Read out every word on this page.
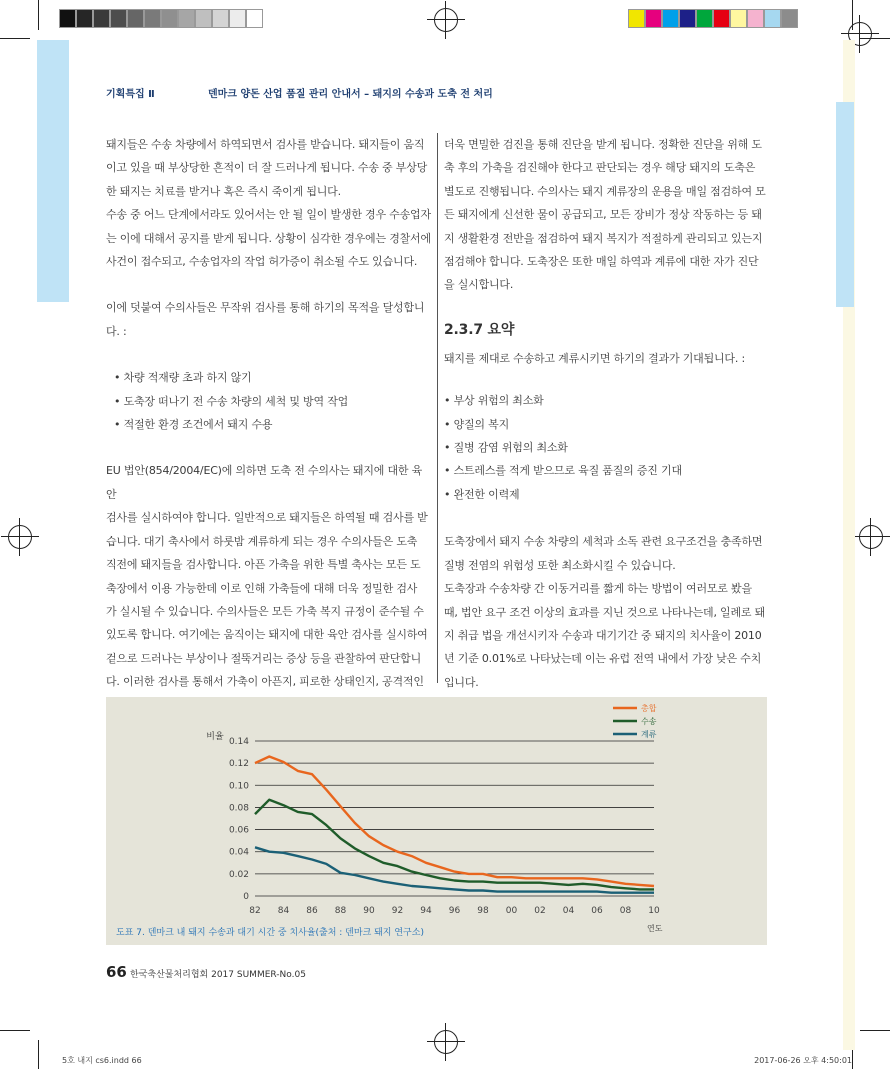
기획특집 Ⅱ	덴마크 양돈 산업 품질 관리 안내서 – 돼지의 수송과 도축 전 처리

돼지들은 수송 차량에서 하역되면서 검사를 받습니다. 돼지들이 움직

이고 있을 때 부상당한 흔적이 더 잘 드러나게 됩니다. 수송 중 부상당

한 돼지는 치료를 받거나 혹은 즉시 죽이게 됩니다.

수송 중 어느 단계에서라도 있어서는 안 될 일이 발생한 경우 수송업자

는 이에 대해서 공지를 받게 됩니다. 상황이 심각한 경우에는 경찰서에

사건이 접수되고, 수송업자의 작업 허가증이 취소될 수도 있습니다.

이에 덧붙여 수의사들은 무작위 검사를 통해 하기의 목적을 달성합니다. :

• 차량 적재량 초과 하지 않기

• 도축장 떠나기 전 수송 차량의 세척 및 방역 작업

• 적절한 환경 조건에서 돼지 수용

EU 법안(854/2004/EC)에 의하면 도축 전 수의사는 돼지에 대한 육안

검사를 실시하여야 합니다. 일반적으로 돼지들은 하역될 때 검사를 받

습니다. 대기 축사에서 하룻밤 계류하게 되는 경우 수의사들은 도축

직전에 돼지들을 검사합니다. 아픈 가축을 위한 특별 축사는 모든 도

축장에서 이용 가능한데 이로 인해 가축들에 대해 더욱 정밀한 검사

가 실시될 수 있습니다. 수의사들은 모든 가축 복지 규정이 준수될 수

있도록 합니다. 여기에는 움직이는 돼지에 대한 육안 검사를 실시하여

겉으로 드러나는 부상이나 절뚝거리는 증상 등을 관찰하여 판단합니

다. 이러한 검사를 통해서 가축이 아픈지, 피로한 상태인지, 공격적인

더욱 면밀한 검진을 통해 진단을 받게 됩니다. 정확한 진단을 위해 도

축 후의 가축을 검진해야 한다고 판단되는 경우 해당 돼지의 도축은

별도로 진행됩니다. 수의사는 돼지 계류장의 운용을 매일 점검하여 모

든 돼지에게 신선한 물이 공급되고, 모든 장비가 정상 작동하는 등 돼

지 생활환경 전반을 점검하여 돼지 복지가 적절하게 관리되고 있는지

점검해야 합니다. 도축장은 또한 매일 하역과 계류에 대한 자가 진단

을 실시합니다.

2.3.7 요약

돼지를 제대로 수송하고 계류시키면 하기의 결과가 기대됩니다. :

• 부상 위험의 최소화

• 양질의 복지

• 질병 감염 위험의 최소화

• 스트레스를 적게 받으므로 육질 품질의 증진 기대

• 완전한 이력제

도축장에서 돼지 수송 차량의 세척과 소독 관련 요구조건을 충족하면

질병 전염의 위험성 또한 최소화시킬 수 있습니다.

도축장과 수송차량 간 이동거리를 짧게 하는 방법이 여러모로 봤을

때, 법안 요구 조건 이상의 효과를 지닌 것으로 나타나는데, 일례로 돼

지 취급 법을 개선시키자 수송과 대기기간 중 돼지의 치사율이 2010

년 기준 0.01%로 나타났는데 이는 유럽 전역 내에서 가장 낮은 수치

입니다.

0.14
0.12
0.10
0.08
0.06
0.04
0.02
0
82 84 86 88 90 92 94 96 98 00 02 04 06 08 10
비율
연도
총합
수송
계류
도표 7. 덴마크 내 돼지 수송과 대기 시간 중 치사율(출처 : 덴마크 돼지 연구소)
66 한국축산물처리협회 2017 SUMMER-No.05
5호 내지 cs6.indd 66	2017-06-26 오후 4:50:01
